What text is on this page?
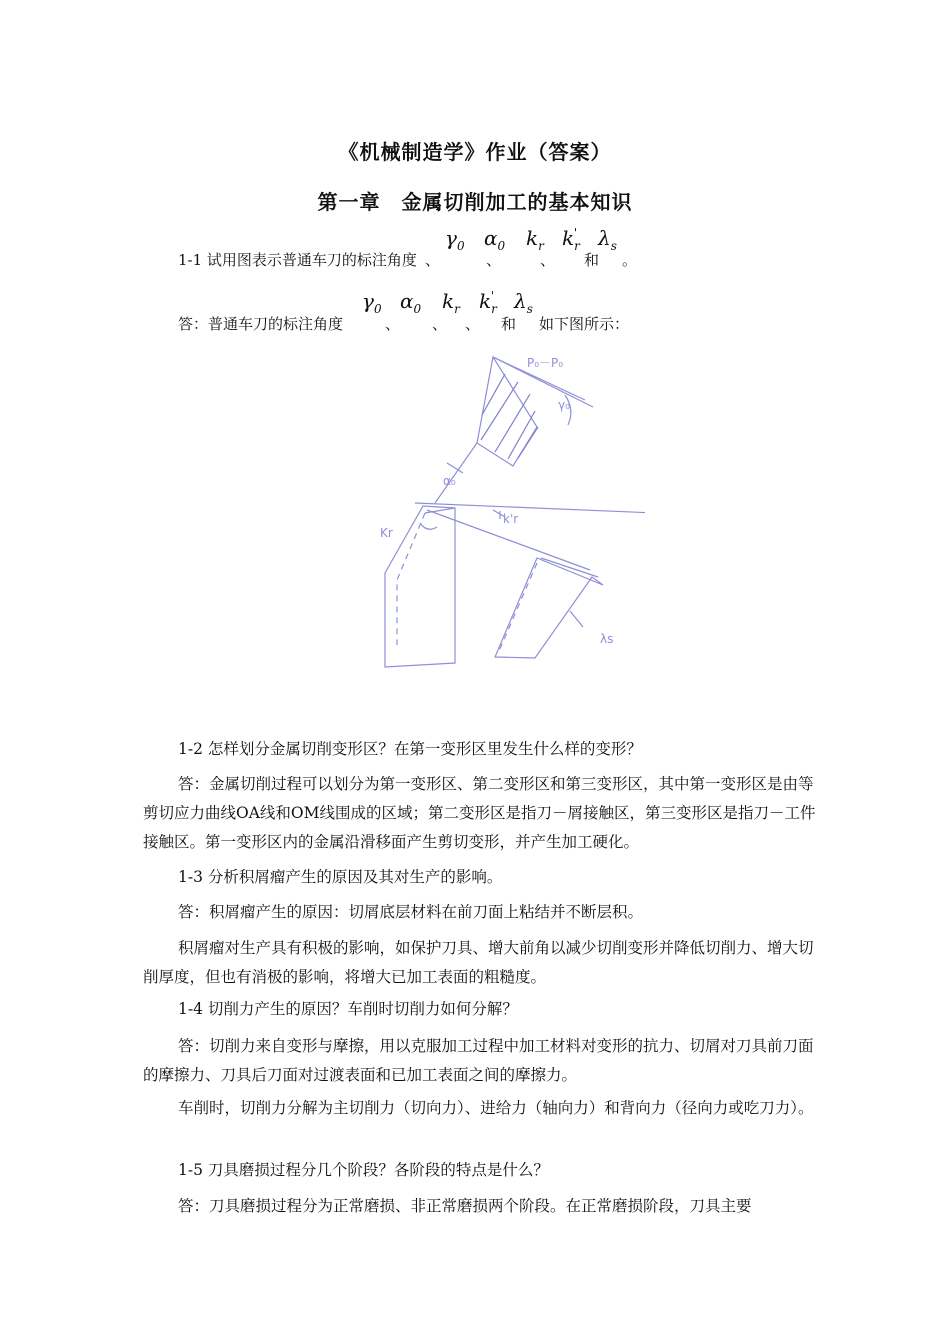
《机械制造学》作业（答案）
第一章　金属切削加工的基本知识
1-1 试用图表示普通车刀的标注角度 、	、	、 和 。
$\gamma_0$ $\alpha_0$ $k_r$ $k_r'$ $\lambda_s$
答：普通车刀的标注角度	、 、 、 和 如下图所示：
$\gamma_0$ $\alpha_0$ $k_r$ $k_r'$ $\lambda_s$
P₀－P₀
γ₀
α₀
Kr
k'r
λs

1-2 怎样划分金属切削变形区？在第一变形区里发生什么样的变形？

答：金属切削过程可以划分为第一变形区、第二变形区和第三变形区，其中第一变形区是由等剪切应力曲线OA线和OM线围成的区域；第二变形区是指刀－屑接触区，第三变形区是指刀－工件接触区。第一变形区内的金属沿滑移面产生剪切变形，并产生加工硬化。

1-3 分析积屑瘤产生的原因及其对生产的影响。

答：积屑瘤产生的原因：切屑底层材料在前刀面上粘结并不断层积。

积屑瘤对生产具有积极的影响，如保护刀具、增大前角以减少切削变形并降低切削力、增大切削厚度，但也有消极的影响，将增大已加工表面的粗糙度。

1-4 切削力产生的原因？车削时切削力如何分解？

答：切削力来自变形与摩擦，用以克服加工过程中加工材料对变形的抗力、切屑对刀具前刀面的摩擦力、刀具后刀面对过渡表面和已加工表面之间的摩擦力。

车削时，切削力分解为主切削力（切向力）、进给力（轴向力）和背向力（径向力或吃刀力）。

1-5 刀具磨损过程分几个阶段？各阶段的特点是什么？

答：刀具磨损过程分为正常磨损、非正常磨损两个阶段。在正常磨损阶段，刀具主要
